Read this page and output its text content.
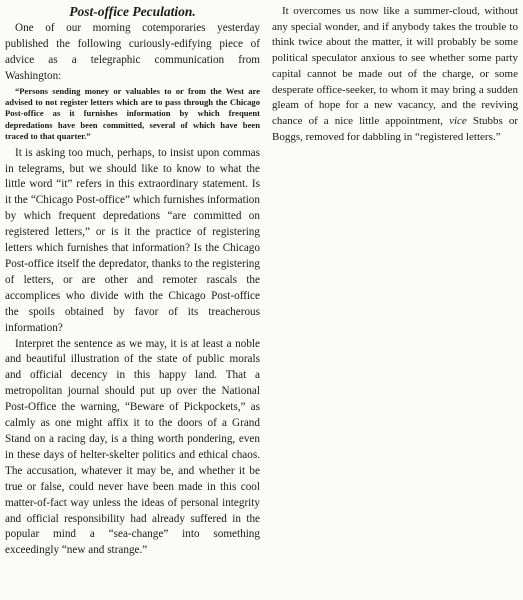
Post-office Peculation.

One of our morning cotemporaries yesterday published the following curiously-edifying piece of advice as a telegraphic communication from Washington:

“Persons sending money or valuables to or from the West are advised to not register letters which are to pass through the Chicago Post-office as it furnishes information by which frequent depredations have been committed, several of which have been traced to that quarter.”

It is asking too much, perhaps, to insist upon commas in telegrams, but we should like to know to what the little word “it” refers in this extraordinary statement. Is it the “Chicago Post-office” which furnishes information by which frequent depredations “are committed on registered letters,” or is it the practice of registering letters which furnishes that information? Is the Chicago Post-office itself the depredator, thanks to the registering of letters, or are other and remoter rascals the accomplices who divide with the Chicago Post-office the spoils obtained by favor of its treacherous information?

Interpret the sentence as we may, it is at least a noble and beautiful illustration of the state of public morals and official decency in this happy land. That a metropolitan journal should put up over the National Post-Office the warning, “Beware of Pickpockets,” as calmly as one might affix it to the doors of a Grand Stand on a racing day, is a thing worth pondering, even in these days of helter-skelter politics and ethical chaos. The accusation, whatever it may be, and whether it be true or false, could never have been made in this cool matter-of-fact way unless the ideas of personal integrity and official responsibility had already suffered in the popular mind a “sea-change” into something exceedingly “new and strange.”

It overcomes us now like a summer-cloud, without any special wonder, and if anybody takes the trouble to think twice about the matter, it will probably be some political speculator anxious to see whether some party capital cannot be made out of the charge, or some desperate office-seeker, to whom it may bring a sudden gleam of hope for a new vacancy, and the reviving chance of a nice little appointment, vice Stubbs or Boggs, removed for dabbling in “registered letters.”
